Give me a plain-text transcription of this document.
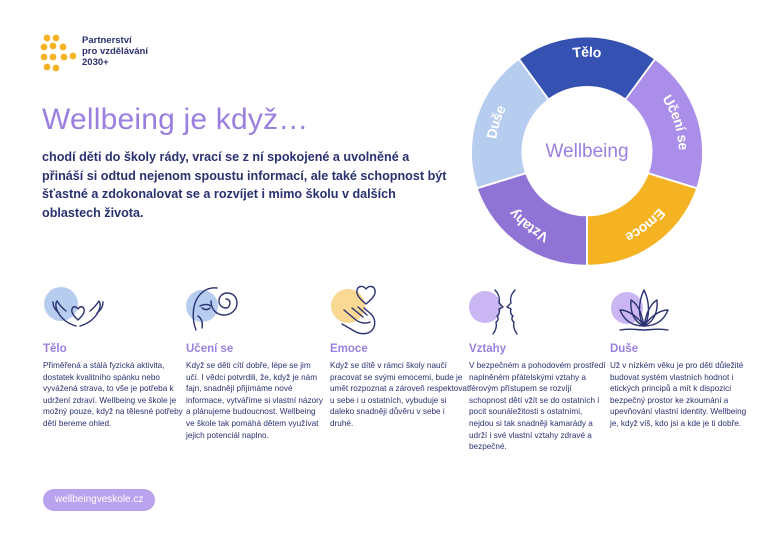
Partnerství
pro vzdělávání
2030+
Wellbeing je když…

chodí děti do školy rády, vrací se z ní spokojené a uvolněné a přináší si odtud nejenom spoustu informací, ale také schopnost být šťastné a zdokonalovat se a rozvíjet i mimo školu v dalších oblastech života.

Tělo
Učení se
Emoce
Vztahy
Duše
Wellbeing
Tělo

Přiměřená a stálá fyzická aktivita, dostatek kvalitního spánku nebo vyvážená strava, to vše je potřeba k udržení zdraví. Wellbeing ve škole je možný pouze, když na tělesné potřeby dětí bereme ohled.

Učení se

Když se děti cítí dobře, lépe se jim učí. I vědci potvrdili, že, když je nám fajn, snadněji přijímáme nové informace, vytváříme si vlastní názory a plánujeme budoucnost. Wellbeing ve škole tak pomáhá dětem využívat jejich potenciál naplno.

Emoce

Když se dítě v rámci školy naučí pracovat se svými emocemi, bude je umět rozpoznat a zároveň respektovat u sebe i u ostatních, vybuduje si daleko snadněji důvěru v sebe i druhé.

Vztahy

V bezpečném a pohodovém prostředí naplněném přátelskými vztahy a férovým přístupem se rozvíjí schopnost dětí vžít se do ostatních i pocit sounáležitosti s ostatními, nejdou si tak snadněji kamarády a udrží i své vlastní vztahy zdravé a bezpečné.

Duše

Už v nízkém věku je pro děti důležité budovat systém vlastních hodnot i etických principů a mít k dispozici bezpečný prostor ke zkoumání a upevňování vlastní identity. Wellbeing je, když víš, kdo jsi a kde je ti dobře.

wellbeingveskole.cz
